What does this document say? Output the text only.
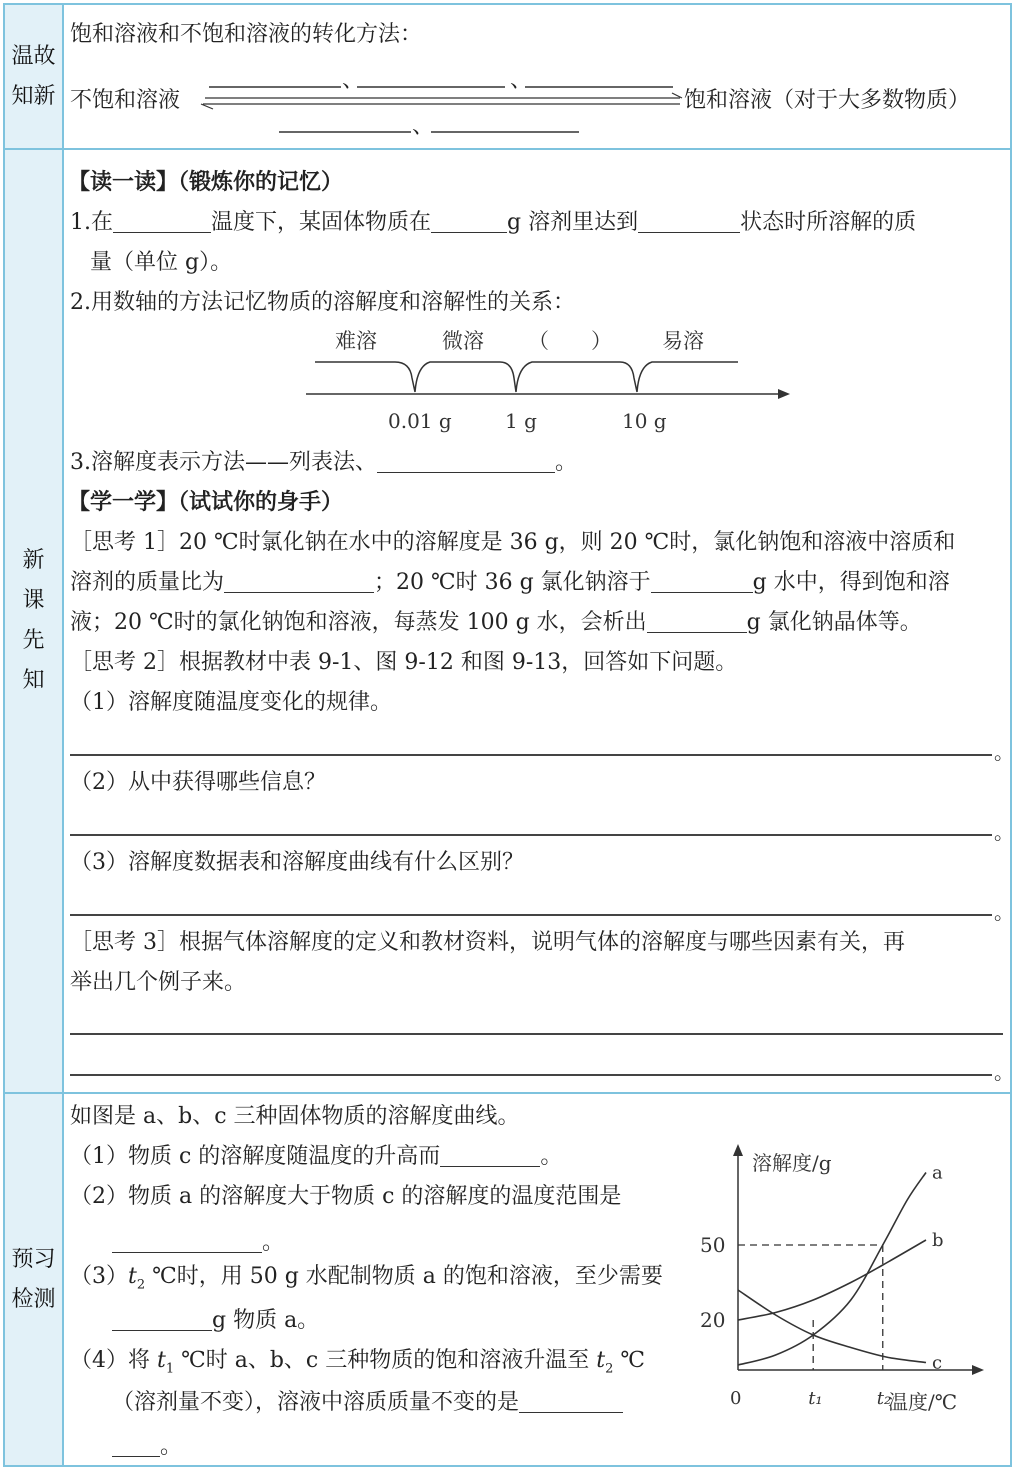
温故
知新
新
课
先
知
预习
检测
饱和溶液和不饱和溶液的转化方法：
不饱和溶液	饱和溶液（对于大多数物质）
、	、
、
【读一读】（锻炼你的记忆）
1.在	温度下，某固体物质在	g 溶剂里达到	状态时所溶解的质
量（单位 g）。
2.用数轴的方法记忆物质的溶解度和溶解性的关系：
难溶	微溶 （　　） 易溶
0.01 g	1 g	10 g
3.溶解度表示方法——列表法、	。
【学一学】（试试你的身手）
［思考 1］20 ℃时氯化钠在水中的溶解度是 36 g，则 20 ℃时，氯化钠饱和溶液中溶质和
溶剂的质量比为	；20 ℃时 36 g 氯化钠溶于	g 水中，得到饱和溶
液；20 ℃时的氯化钠饱和溶液，每蒸发 100 g 水，会析出	g 氯化钠晶体等。
［思考 2］根据教材中表 9-1、图 9-12 和图 9-13，回答如下问题。
（1）溶解度随温度变化的规律。
。
（2）从中获得哪些信息？
。
（3）溶解度数据表和溶解度曲线有什么区别？
。
［思考 3］根据气体溶解度的定义和教材资料，说明气体的溶解度与哪些因素有关，再
举出几个例子来。
。
如图是 a、b、c 三种固体物质的溶解度曲线。
（1）物质 c 的溶解度随温度的升高而	。
（2）物质 a 的溶解度大于物质 c 的溶解度的温度范围是
。
$(3)t_2$ ℃时，用 50 g 水配制物质 a 的饱和溶液，至少需要
g 物质 a。
（4）将 $t_1$ ℃时 a、b、c 三种物质的饱和溶液升温至 $t_2$ ℃
（溶剂量不变），溶液中溶质质量不变的是
。
溶解度/g
温度/℃
0
a
b
c
50
20
t₁	t₂
